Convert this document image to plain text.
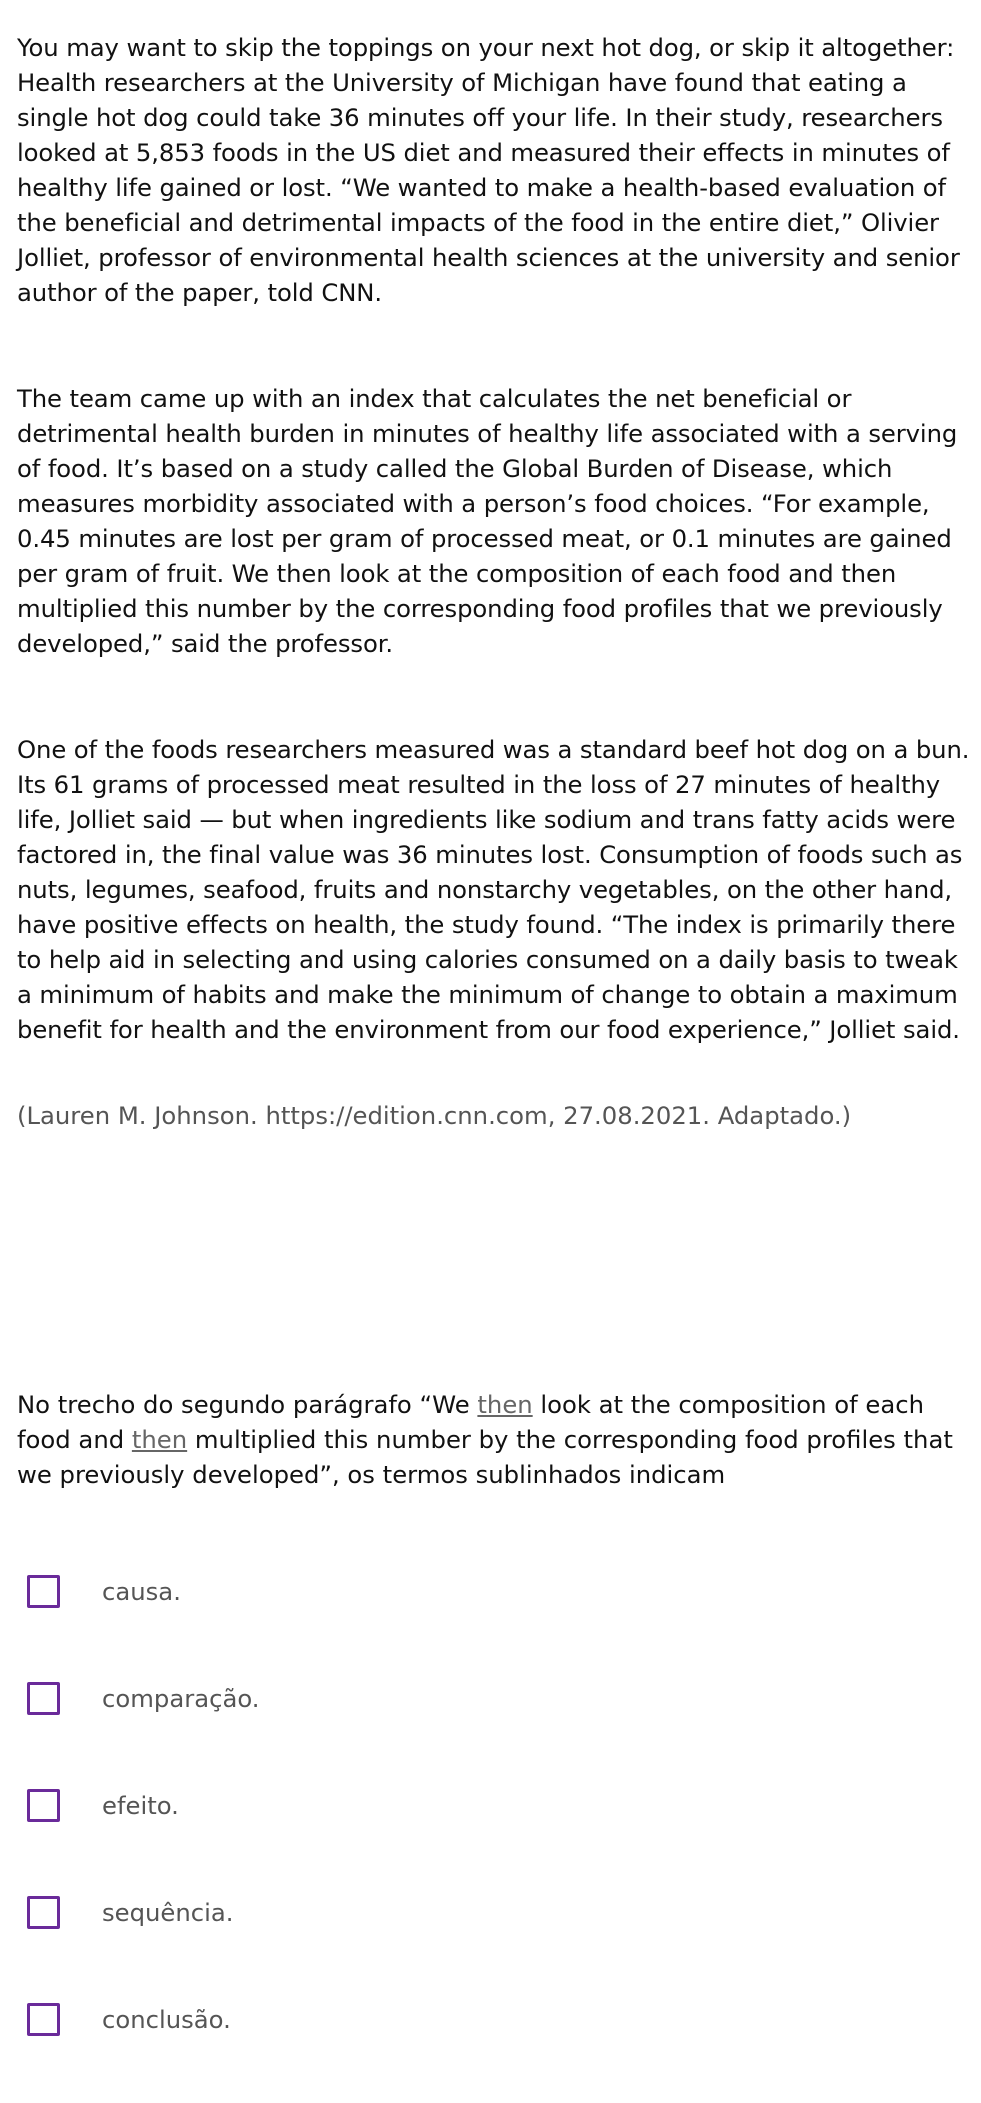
You may want to skip the toppings on your next hot dog, or skip it altogether: Health researchers at the University of Michigan have found that eating a single hot dog could take 36 minutes off your life. In their study, researchers looked at 5,853 foods in the US diet and measured their effects in minutes of healthy life gained or lost. “We wanted to make a health-based evaluation of the beneficial and detrimental impacts of the food in the entire diet,” Olivier Jolliet, professor of environmental health sciences at the university and senior author of the paper, told CNN.

The team came up with an index that calculates the net beneficial or detrimental health burden in minutes of healthy life associated with a serving of food. It’s based on a study called the Global Burden of Disease, which measures morbidity associated with a person’s food choices. “For example, 0.45 minutes are lost per gram of processed meat, or 0.1 minutes are gained per gram of fruit. We then look at the composition of each food and then multiplied this number by the corresponding food profiles that we previously developed,” said the professor.

One of the foods researchers measured was a standard beef hot dog on a bun. Its 61 grams of processed meat resulted in the loss of 27 minutes of healthy life, Jolliet said — but when ingredients like sodium and trans fatty acids were factored in, the final value was 36 minutes lost. Consumption of foods such as nuts, legumes, seafood, fruits and nonstarchy vegetables, on the other hand, have positive effects on health, the study found. “The index is primarily there to help aid in selecting and using calories consumed on a daily basis to tweak a minimum of habits and make the minimum of change to obtain a maximum benefit for health and the environment from our food experience,” Jolliet said.

(Lauren M. Johnson. https://edition.cnn.com, 27.08.2021. Adaptado.)

No trecho do segundo parágrafo “We then look at the composition of each food and then multiplied this number by the corresponding food profiles that we previously developed”, os termos sublinhados indicam

causa.
comparação.
efeito.
sequência.
conclusão.
